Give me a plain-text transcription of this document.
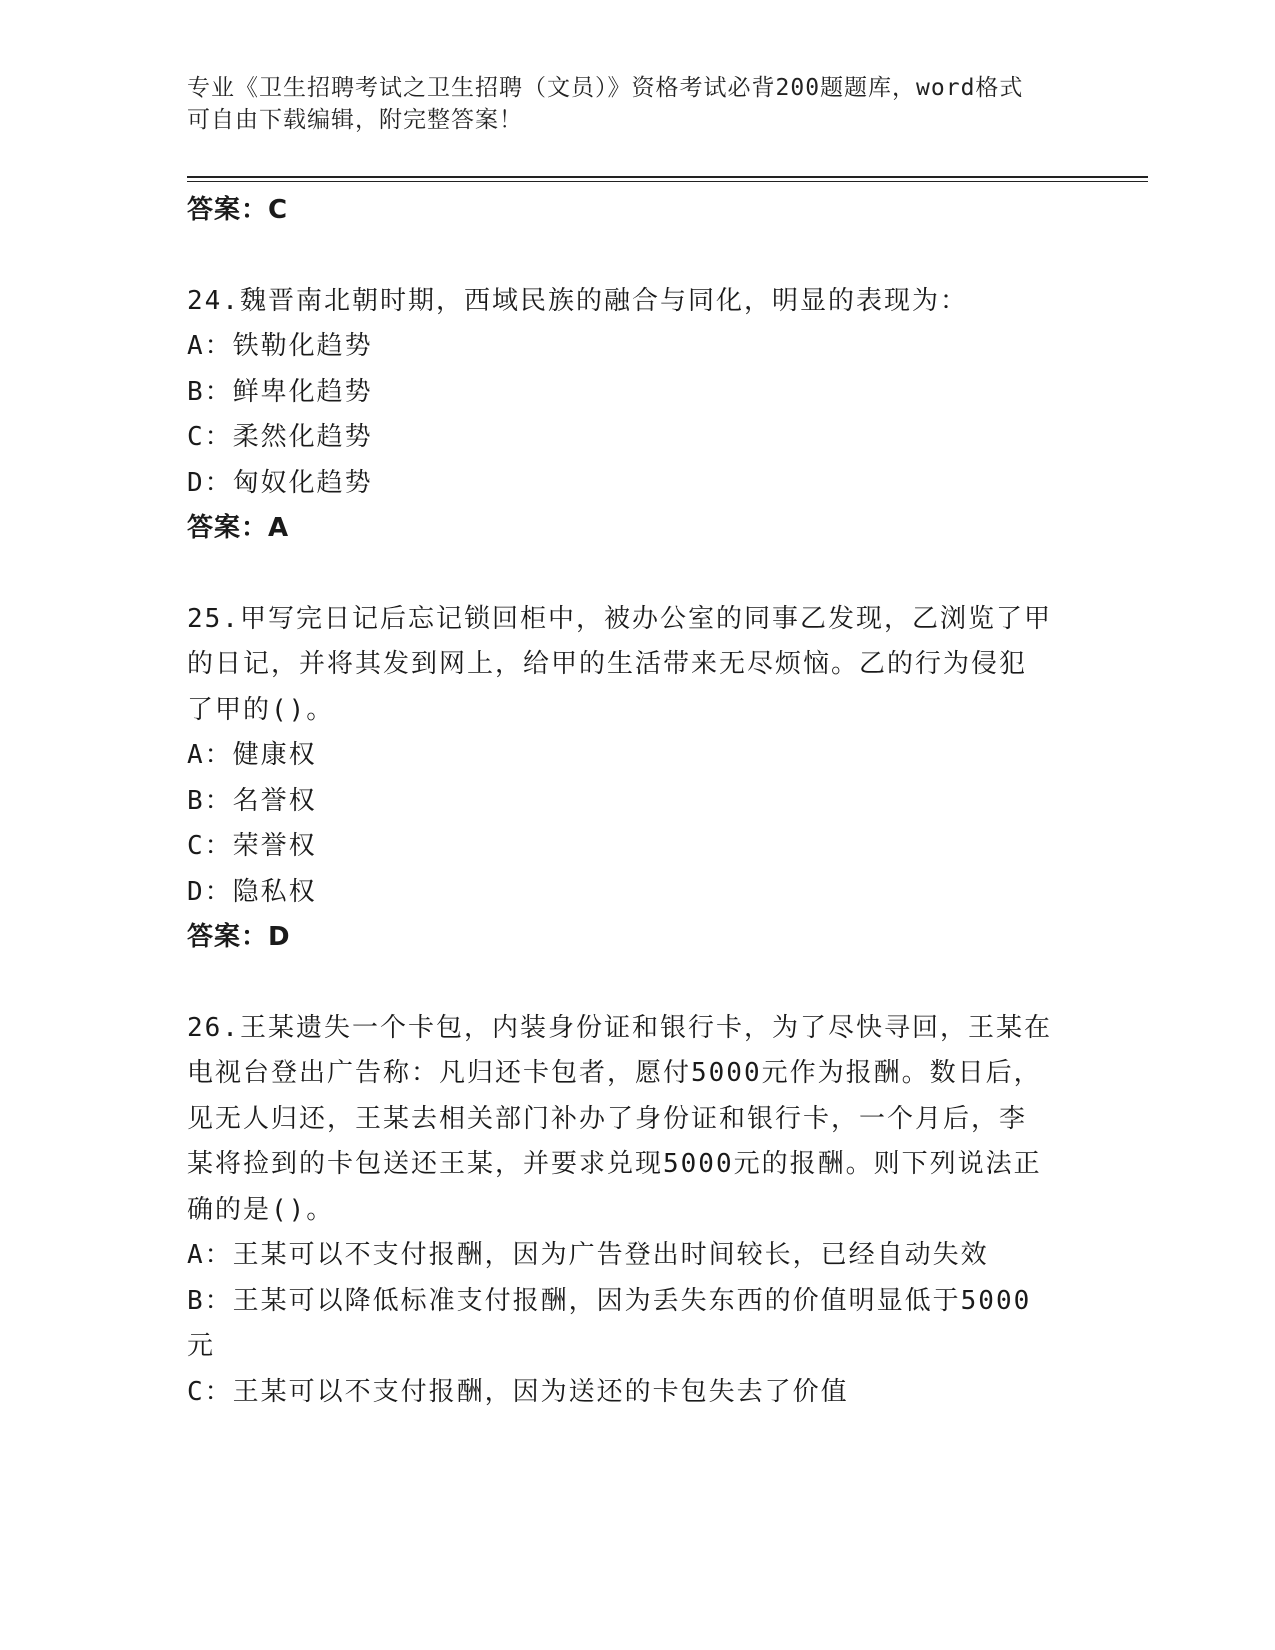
专业《卫生招聘考试之卫生招聘（文员）》资格考试必背200题题库，word格式
可自由下载编辑，附完整答案！
答案：C
24.魏晋南北朝时期，西域民族的融合与同化，明显的表现为：
A：铁勒化趋势
B：鲜卑化趋势
C：柔然化趋势
D：匈奴化趋势
答案：A
25.甲写完日记后忘记锁回柜中，被办公室的同事乙发现，乙浏览了甲
的日记，并将其发到网上，给甲的生活带来无尽烦恼。乙的行为侵犯
了甲的()。
A：健康权
B：名誉权
C：荣誉权
D：隐私权
答案：D
26.王某遗失一个卡包，内装身份证和银行卡，为了尽快寻回，王某在
电视台登出广告称：凡归还卡包者，愿付5000元作为报酬。数日后，
见无人归还，王某去相关部门补办了身份证和银行卡，一个月后，李
某将捡到的卡包送还王某，并要求兑现5000元的报酬。则下列说法正
确的是()。
A：王某可以不支付报酬，因为广告登出时间较长，已经自动失效
B：王某可以降低标准支付报酬，因为丢失东西的价值明显低于5000
元
C：王某可以不支付报酬，因为送还的卡包失去了价值
